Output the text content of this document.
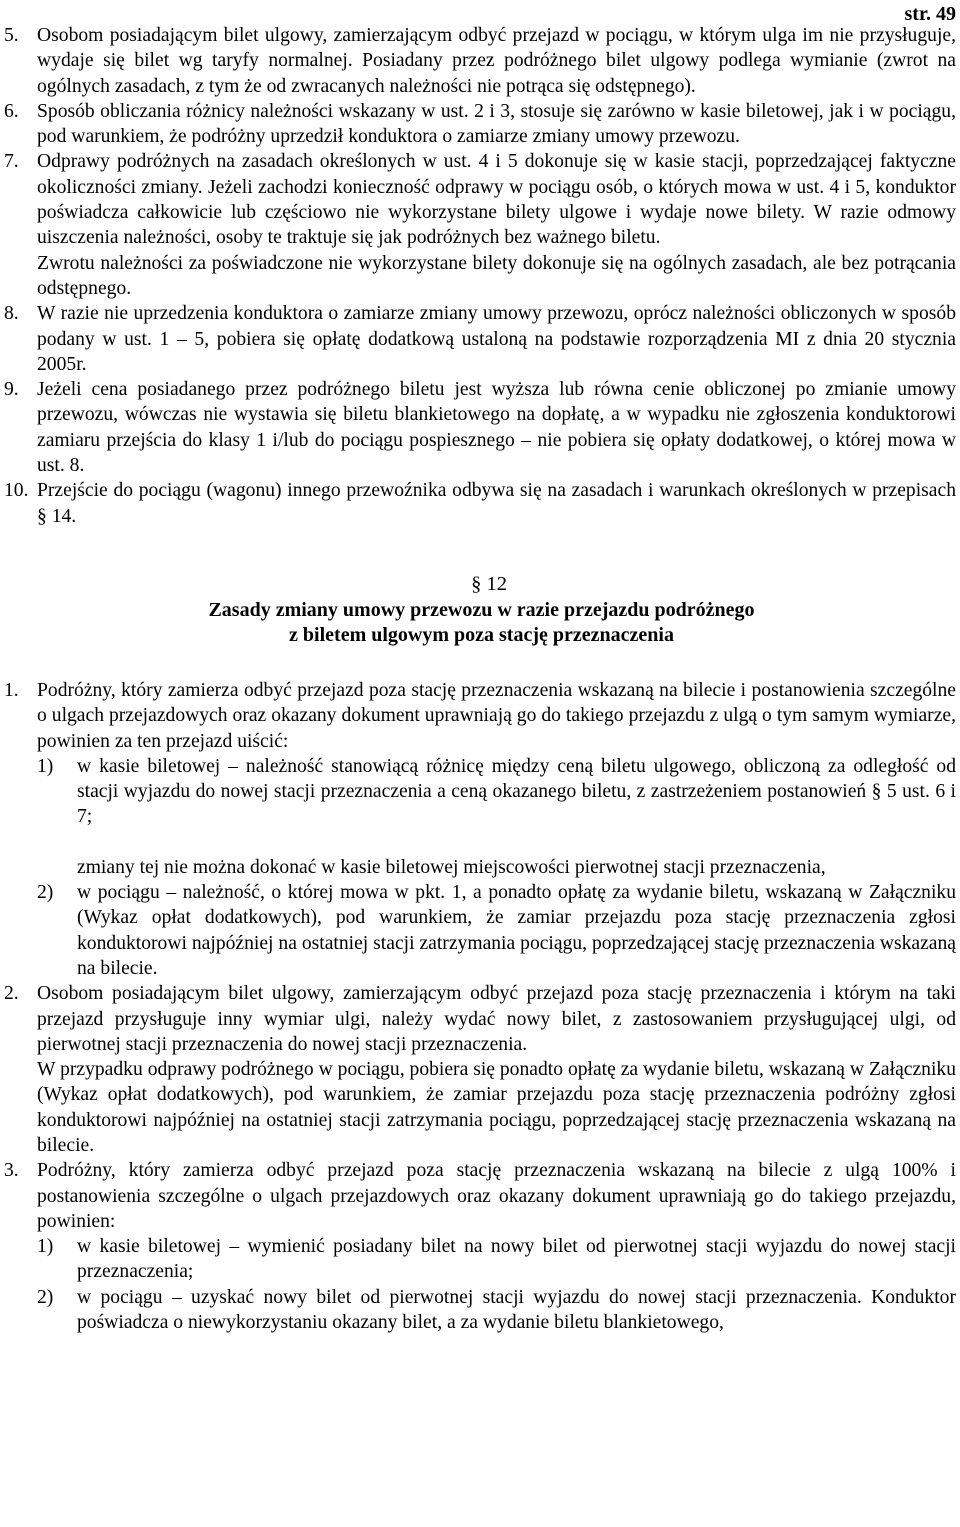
str. 49
5. Osobom posiadającym bilet ulgowy, zamierzającym odbyć przejazd w pociągu, w którym ulga im nie przysługuje, wydaje się bilet wg taryfy normalnej. Posiadany przez podróżnego bilet ulgowy podlega wymianie (zwrot na ogólnych zasadach, z tym że od zwracanych należności nie potrąca się odstępnego).
6. Sposób obliczania różnicy należności wskazany w ust. 2 i 3, stosuje się zarówno w kasie biletowej, jak i w pociągu, pod warunkiem, że podróżny uprzedził konduktora o zamiarze zmiany umowy przewozu.
7. Odprawy podróżnych na zasadach określonych w ust. 4 i 5 dokonuje się w kasie stacji, poprzedzającej faktyczne okoliczności zmiany. Jeżeli zachodzi konieczność odprawy w pociągu osób, o których mowa w ust. 4 i 5, konduktor poświadcza całkowicie lub częściowo nie wykorzystane bilety ulgowe i wydaje nowe bilety. W razie odmowy uiszczenia należności, osoby te traktuje się jak podróżnych bez ważnego biletu.
Zwrotu należności za poświadczone nie wykorzystane bilety dokonuje się na ogólnych zasadach, ale bez potrącania odstępnego.
8. W razie nie uprzedzenia konduktora o zamiarze zmiany umowy przewozu, oprócz należności obliczonych w sposób podany w ust. 1 – 5, pobiera się opłatę dodatkową ustaloną na podstawie rozporządzenia MI z dnia 20 stycznia 2005r.
9. Jeżeli cena posiadanego przez podróżnego biletu jest wyższa lub równa cenie obliczonej po zmianie umowy przewozu, wówczas nie wystawia się biletu blankietowego na dopłatę, a w wypadku nie zgłoszenia konduktorowi zamiaru przejścia do klasy 1 i/lub do pociągu pospiesznego – nie pobiera się opłaty dodatkowej, o której mowa w ust. 8.
10. Przejście do pociągu (wagonu) innego przewoźnika odbywa się na zasadach i warunkach określonych w przepisach § 14.
§ 12
Zasady zmiany umowy przewozu w razie przejazdu podróżnego
z biletem ulgowym poza stację przeznaczenia
1. Podróżny, który zamierza odbyć przejazd poza stację przeznaczenia wskazaną na bilecie i postanowienia szczególne o ulgach przejazdowych oraz okazany dokument uprawniają go do takiego przejazdu z ulgą o tym samym wymiarze, powinien za ten przejazd uiścić:
1)	w kasie biletowej – należność stanowiącą różnicę między ceną biletu ulgowego, obliczoną za odległość od stacji wyjazdu do nowej stacji przeznaczenia a ceną okazanego biletu, z zastrzeżeniem postanowień § 5 ust. 6 i 7;
zmiany tej nie można dokonać w kasie biletowej miejscowości pierwotnej stacji przeznaczenia,
2)	w pociągu – należność, o której mowa w pkt. 1, a ponadto opłatę za wydanie biletu, wskazaną w Załączniku (Wykaz opłat dodatkowych), pod warunkiem, że zamiar przejazdu poza stację przeznaczenia zgłosi konduktorowi najpóźniej na ostatniej stacji zatrzymania pociągu, poprzedzającej stację przeznaczenia wskazaną na bilecie.
2. Osobom posiadającym bilet ulgowy, zamierzającym odbyć przejazd poza stację przeznaczenia i którym na taki przejazd przysługuje inny wymiar ulgi, należy wydać nowy bilet, z zastosowaniem przysługującej ulgi, od pierwotnej stacji przeznaczenia do nowej stacji przeznaczenia.
W przypadku odprawy podróżnego w pociągu, pobiera się ponadto opłatę za wydanie biletu, wskazaną w Załączniku (Wykaz opłat dodatkowych), pod warunkiem, że zamiar przejazdu poza stację przeznaczenia podróżny zgłosi konduktorowi najpóźniej na ostatniej stacji zatrzymania pociągu, poprzedzającej stację przeznaczenia wskazaną na bilecie.
3. Podróżny, który zamierza odbyć przejazd poza stację przeznaczenia wskazaną na bilecie z ulgą 100% i postanowienia szczególne o ulgach przejazdowych oraz okazany dokument uprawniają go do takiego przejazdu, powinien:
1)	w kasie biletowej – wymienić posiadany bilet na nowy bilet od pierwotnej stacji wyjazdu do nowej stacji przeznaczenia;
2)	w pociągu – uzyskać nowy bilet od pierwotnej stacji wyjazdu do nowej stacji przeznaczenia. Konduktor poświadcza o niewykorzystaniu okazany bilet, a za wydanie biletu blankietowego,
